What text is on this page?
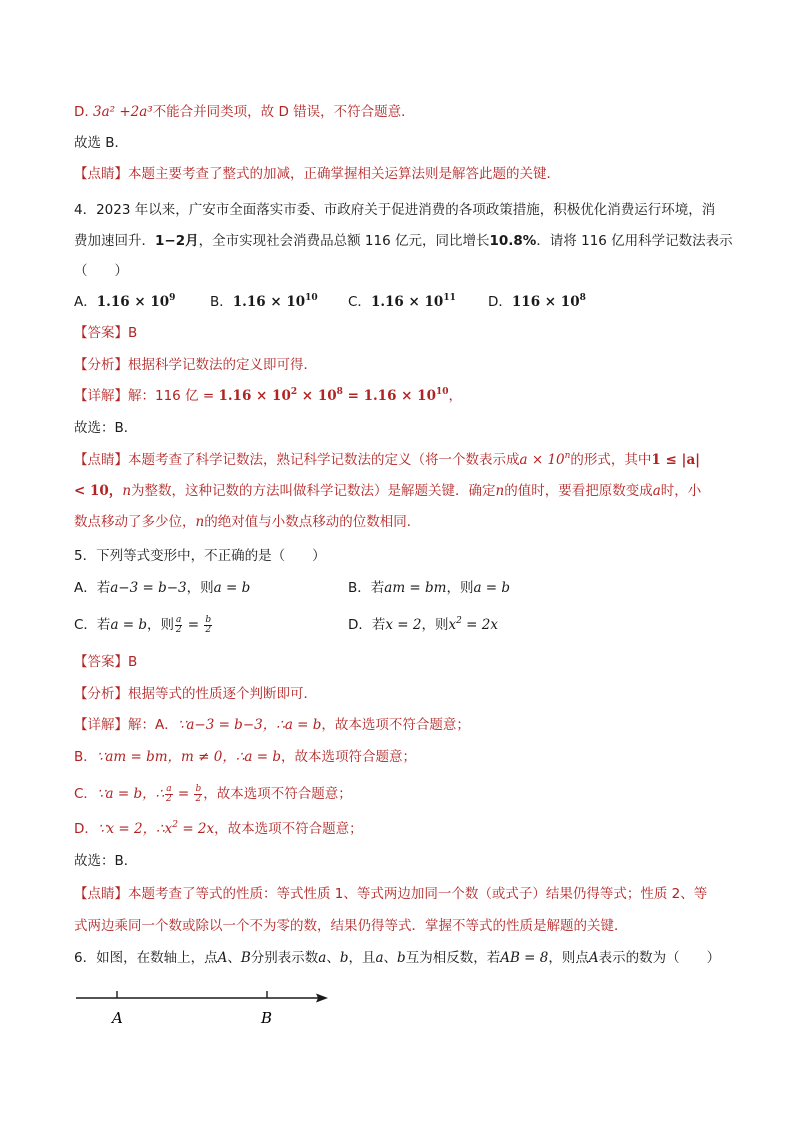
D. 3a² +2a³不能合并同类项，故 D 错误，不符合题意．
故选 B．
【点睛】本题主要考查了整式的加减，正确掌握相关运算法则是解答此题的关键．
4．2023 年以来，广安市全面落实市委、市政府关于促进消费的各项政策措施，积极优化消费运行环境，消
费加速回升．1−2月，全市实现社会消费品总额 116 亿元，同比增长10.8%．请将 116 亿用科学记数法表示
（　　）
A．$1.16 \times 10^9$	B．$1.16 \times 10^{10}$ C．$1.16 \times 10^{11}$ D．$116 \times 10^8$
【答案】B
【分析】根据科学记数法的定义即可得．
【详解】解：116 亿 = $1.16 \times 10^2 \times 10^8 = 1.16 \times 10^{10}$，
故选：B．
【点睛】本题考查了科学记数法，熟记科学记数法的定义（将一个数表示成$a \times 10^n$的形式，其中1 ≤ |a|
< 10，n为整数，这种记数的方法叫做科学记数法）是解题关键．确定n的值时，要看把原数变成a时，小
数点移动了多少位，n的绝对值与小数点移动的位数相同．
5．下列等式变形中，不正确的是（　　）
A．若a−3 = b−3，则a = b	B．若am = bm，则a = b
C．若a = b，则 $\frac{a}{2} = \frac{b}{2}$	D．若x = 2，则$x^2 = 2x$
【答案】B
【分析】根据等式的性质逐个判断即可．
【详解】解：A．∵a−3 = b−3，∴a = b，故本选项不符合题意；
B．∵am = bm，m ≠ 0，∴a = b，故本选项符合题意；
C．∵a = b，∴ $\frac{a}{2} = \frac{b}{2}$ ，故本选项不符合题意；
D．∵x = 2，$\therefore x^2 = 2x$，故本选项不符合题意；
故选：B．
【点睛】本题考查了等式的性质：等式性质 1、等式两边加同一个数（或式子）结果仍得等式；性质 2、等
式两边乘同一个数或除以一个不为零的数，结果仍得等式．掌握不等式的性质是解题的关键．
6．如图，在数轴上，点A、B分别表示数a、b，且a、b互为相反数，若AB = 8，则点A表示的数为（　　）
A	B
